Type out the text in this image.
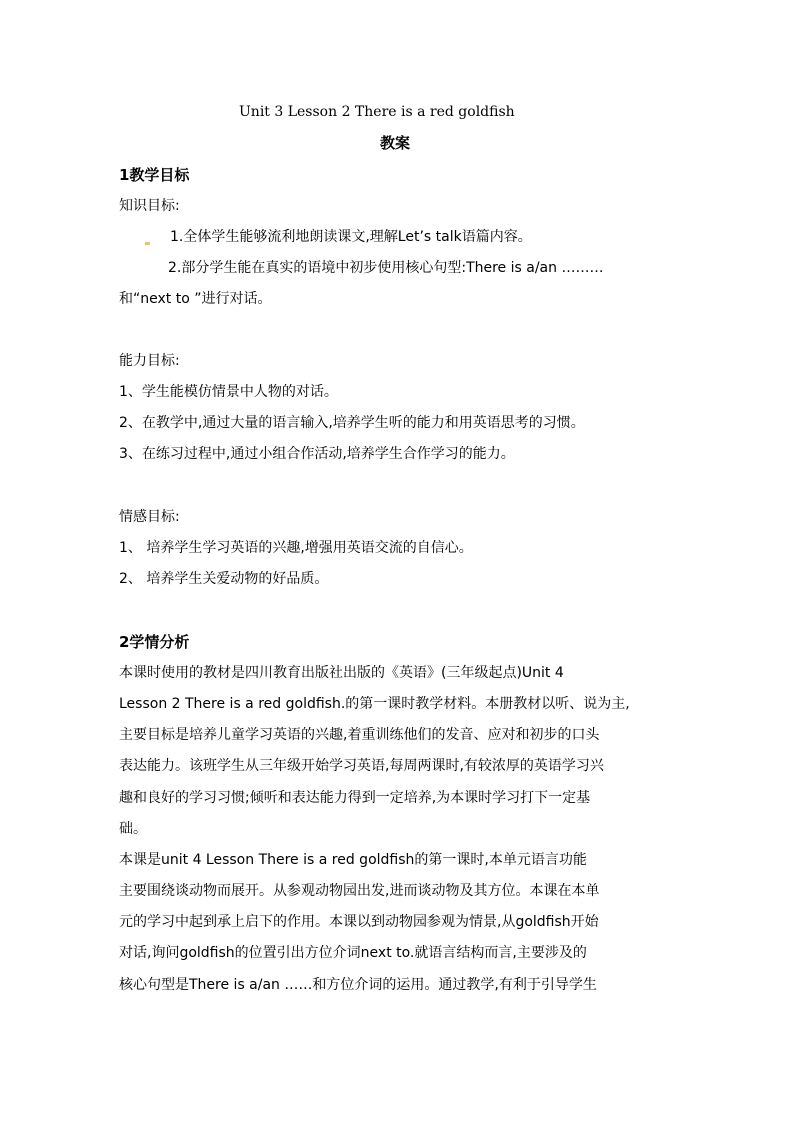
Unit 3 Lesson 2 There is a red goldfish
教案
1教学目标
知识目标:
1.全体学生能够流利地朗读课文,理解Let’s talk语篇内容。
2.部分学生能在真实的语境中初步使用核心句型:There is a/an ………
和“next to ”进行对话。
能力目标:
1、学生能模仿情景中人物的对话。
2、在教学中,通过大量的语言输入,培养学生听的能力和用英语思考的习惯。
3、在练习过程中,通过小组合作活动,培养学生合作学习的能力。
情感目标:
1、 培养学生学习英语的兴趣,增强用英语交流的自信心。
2、 培养学生关爱动物的好品质。
2学情分析
本课时使用的教材是四川教育出版社出版的《英语》(三年级起点)Unit 4
Lesson 2 There is a red goldfish.的第一课时教学材料。本册教材以听、说为主,
主要目标是培养儿童学习英语的兴趣,着重训练他们的发音、应对和初步的口头
表达能力。该班学生从三年级开始学习英语,每周两课时,有较浓厚的英语学习兴
趣和良好的学习习惯;倾听和表达能力得到一定培养,为本课时学习打下一定基
础。
本课是unit 4 Lesson There is a red goldfish的第一课时,本单元语言功能
主要围绕谈动物而展开。从参观动物园出发,进而谈动物及其方位。本课在本单
元的学习中起到承上启下的作用。本课以到动物园参观为情景,从goldfish开始
对话,询问goldfish的位置引出方位介词next to.就语言结构而言,主要涉及的
核心句型是There is a/an ……和方位介词的运用。通过教学,有利于引导学生
